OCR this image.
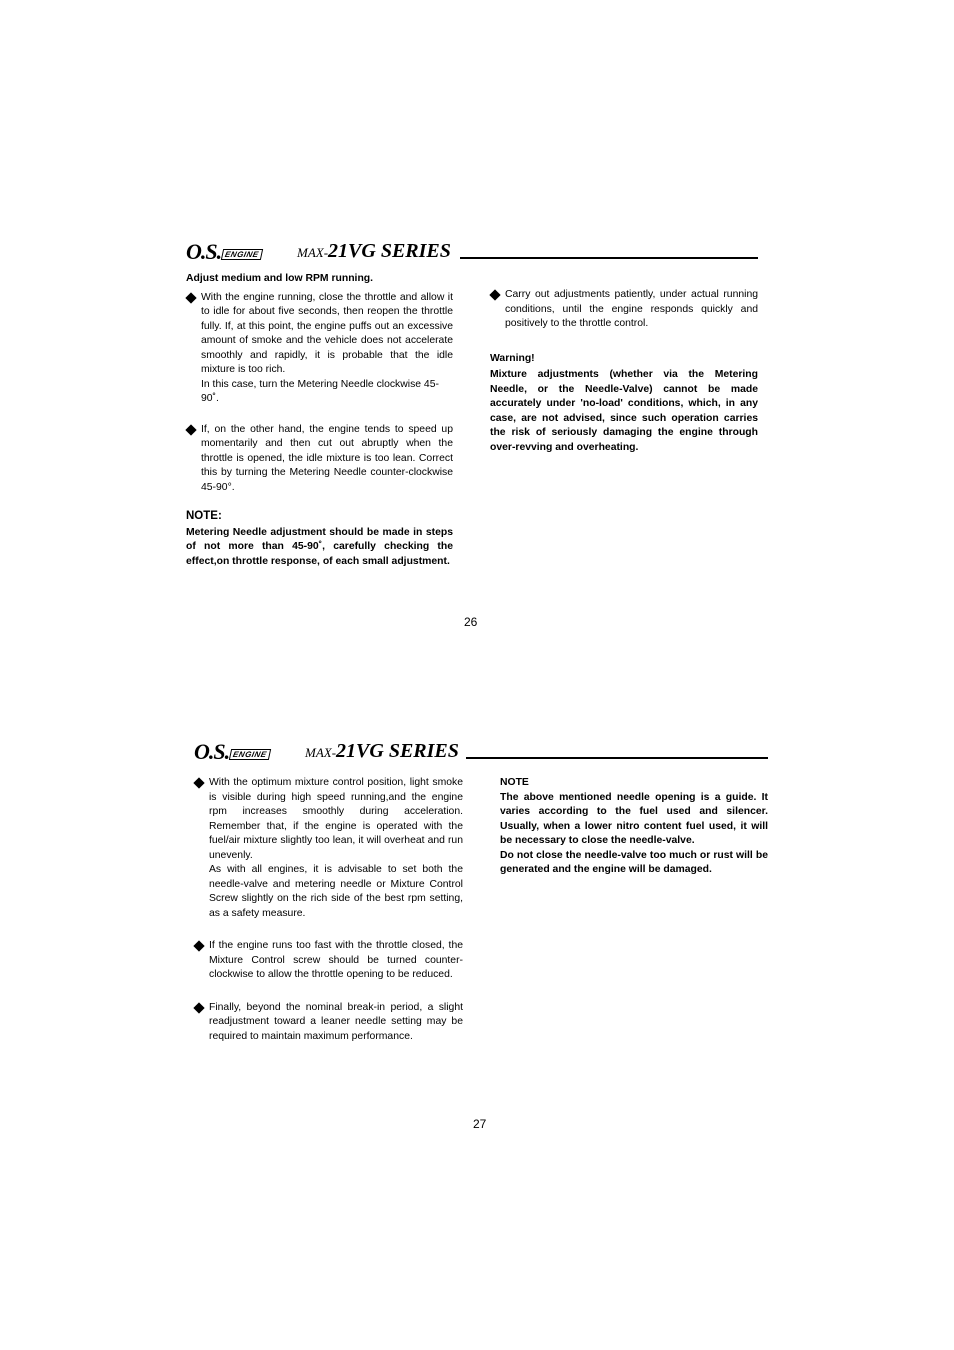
O.S. ENGINE	MAX-21VG SERIES
Adjust medium and low RPM running.

With the engine running, close the throttle and allow it to idle for about five seconds, then reopen the throttle fully. If, at this point, the engine puffs out an excessive amount of smoke and the vehicle does not accelerate smoothly and rapidly, it is probable that the idle mixture is too rich.

In this case, turn the Metering Needle clockwise 45-90˚.

If, on the other hand, the engine tends to speed up momentarily and then cut out abruptly when the throttle is opened, the idle mixture is too lean. Correct this by turning the Metering Needle counter-clockwise 45-90°.

NOTE:

Metering Needle adjustment should be made in steps of not more than 45-90˚, carefully checking the effect,on throttle response, of each small adjustment.

Carry out adjustments patiently, under actual running conditions, until the engine responds quickly and positively to the throttle control.

Warning!

Mixture adjustments (whether via the Metering Needle, or the Needle-Valve) cannot be made accurately under 'no-load' conditions, which, in any case, are not advised, since such operation carries the risk of seriously damaging the engine through over-revving and overheating.

26
O.S. ENGINE	MAX-21VG SERIES

With the optimum mixture control position, light smoke is visible during high speed running,and the engine rpm increases smoothly during acceleration. Remember that, if the engine is operated with the fuel/air mixture slightly too lean, it will overheat and run unevenly.

As with all engines, it is advisable to set both the needle-valve and metering needle or Mixture Control Screw slightly on the rich side of the best rpm setting, as a safety measure.

If the engine runs too fast with the throttle closed, the Mixture Control screw should be turned counter-clockwise to allow the throttle opening to be reduced.

Finally, beyond the nominal break-in period, a slight readjustment toward a leaner needle setting may be required to maintain maximum performance.

NOTE

The above mentioned needle opening is a guide. It varies according to the fuel used and silencer. Usually, when a lower nitro content fuel used, it will be necessary to close the needle-valve.

Do not close the needle-valve too much or rust will be generated and the engine will be damaged.

27
